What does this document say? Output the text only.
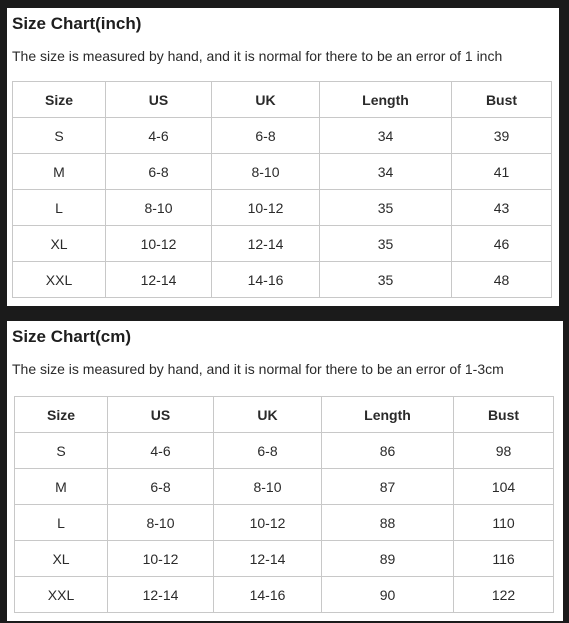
Size Chart(inch)

The size is measured by hand, and it is normal for there to be an error of 1 inch

Size	US	UK	Length	Bust
S	4-6	6-8	34	39
M	6-8	8-10	34	41
L	8-10	10-12	35	43
XL	10-12	12-14	35	46
XXL	12-14	14-16	35	48
Size Chart(cm)

The size is measured by hand, and it is normal for there to be an error of 1-3cm

Size	US	UK	Length	Bust
S	4-6	6-8	86	98
M	6-8	8-10	87	104
L	8-10	10-12	88	110
XL	10-12	12-14	89	116
XXL	12-14	14-16	90	122
